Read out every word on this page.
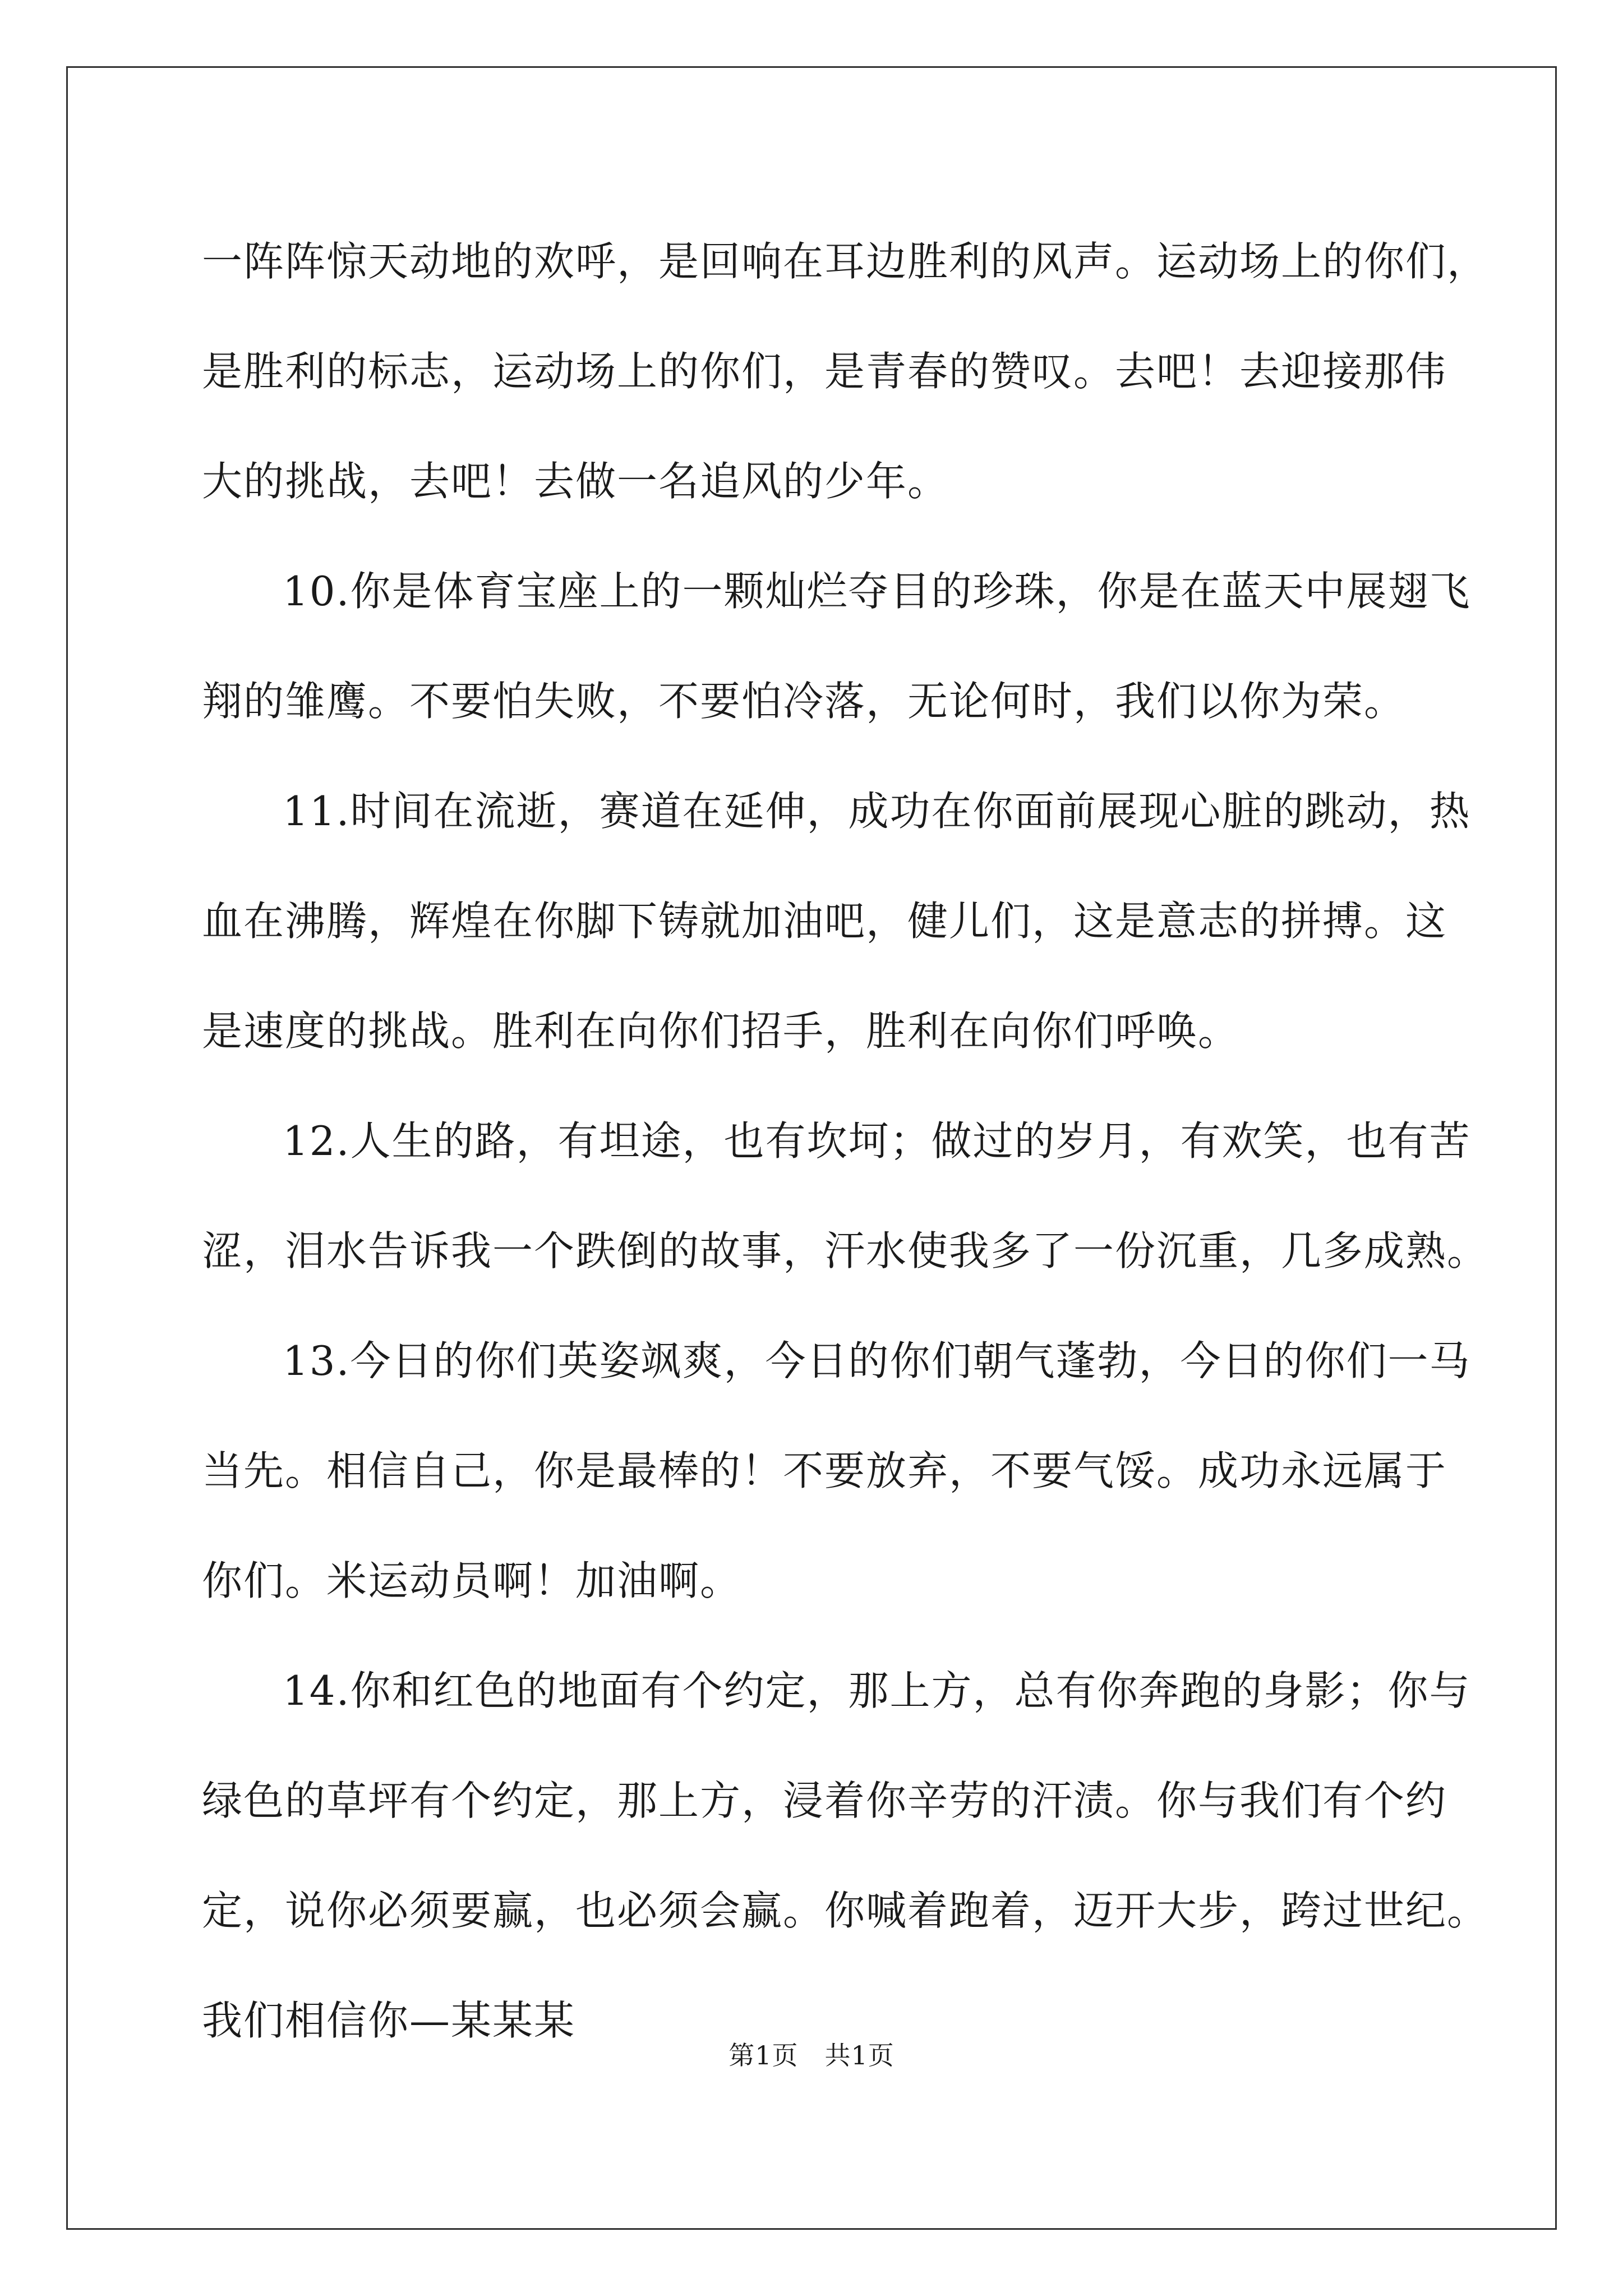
一阵阵惊天动地的欢呼，是回响在耳边胜利的风声。运动场上的你们，
是胜利的标志，运动场上的你们，是青春的赞叹。去吧！去迎接那伟
大的挑战，去吧！去做一名追风的少年。
10.你是体育宝座上的一颗灿烂夺目的珍珠，你是在蓝天中展翅飞
翔的雏鹰。不要怕失败，不要怕冷落，无论何时，我们以你为荣。
11.时间在流逝，赛道在延伸，成功在你面前展现心脏的跳动，热
血在沸腾，辉煌在你脚下铸就加油吧，健儿们，这是意志的拼搏。这
是速度的挑战。胜利在向你们招手，胜利在向你们呼唤。
12.人生的路，有坦途，也有坎坷；做过的岁月，有欢笑，也有苦
涩，泪水告诉我一个跌倒的故事，汗水使我多了一份沉重，几多成熟。
13.今日的你们英姿飒爽，今日的你们朝气蓬勃，今日的你们一马
当先。相信自己，你是最棒的！不要放弃，不要气馁。成功永远属于
你们。米运动员啊！加油啊。
14.你和红色的地面有个约定，那上方，总有你奔跑的身影；你与
绿色的草坪有个约定，那上方，浸着你辛劳的汗渍。你与我们有个约
定，说你必须要赢，也必须会赢。你喊着跑着，迈开大步，跨过世纪。
我们相信你—某某某
第1页　共1页
